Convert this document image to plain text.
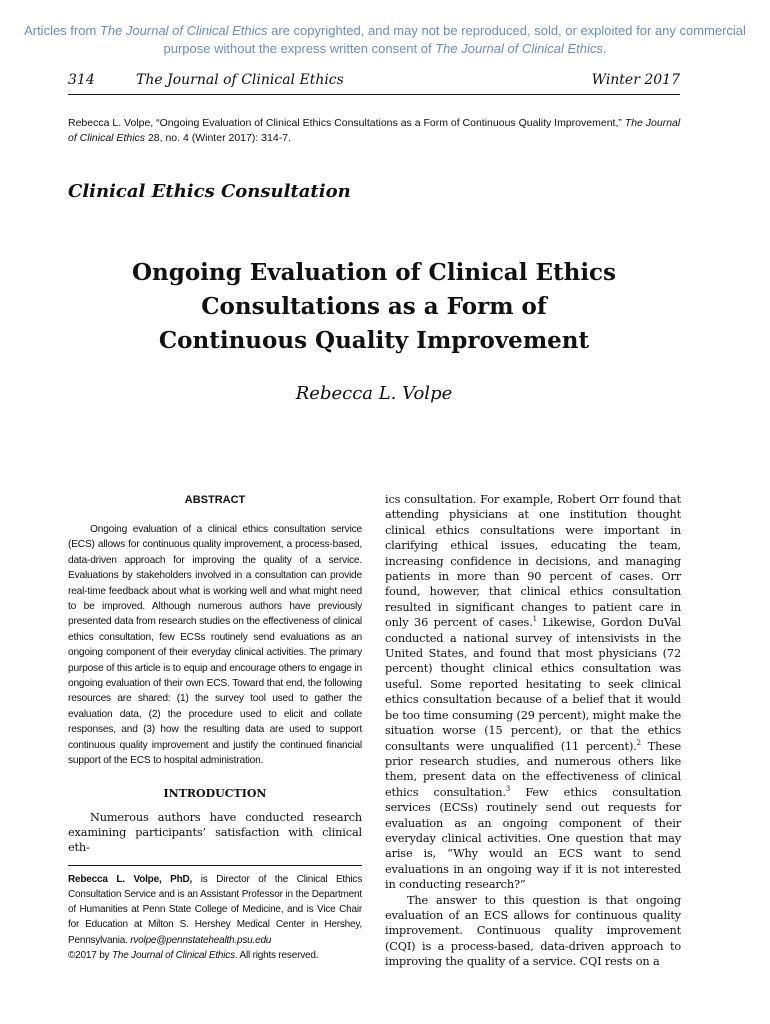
Articles from The Journal of Clinical Ethics are copyrighted, and may not be reproduced, sold, or exploited for any commercial purpose without the express written consent of The Journal of Clinical Ethics.
314	The Journal of Clinical Ethics	Winter 2017
Rebecca L. Volpe, “Ongoing Evaluation of Clinical Ethics Consultations as a Form of Continuous Quality Improvement,” The Journal of Clinical Ethics 28, no. 4 (Winter 2017): 314-7.
Clinical Ethics Consultation
Ongoing Evaluation of Clinical Ethics
Consultations as a Form of
Continuous Quality Improvement
Rebecca L. Volpe
ABSTRACT

Ongoing evaluation of a clinical ethics consultation service (ECS) allows for continuous quality improvement, a process-based, data-driven approach for improving the quality of a service. Evaluations by stakeholders involved in a consultation can provide real-time feedback about what is working well and what might need to be improved. Although numerous authors have previously presented data from research studies on the effectiveness of clinical ethics consultation, few ECSs routinely send evaluations as an ongoing component of their everyday clinical activities. The primary purpose of this article is to equip and encourage others to engage in ongoing evaluation of their own ECS. Toward that end, the following resources are shared: (1) the survey tool used to gather the evaluation data, (2) the procedure used to elicit and collate responses, and (3) how the resulting data are used to support continuous quality improvement and justify the continued financial support of the ECS to hospital administration.

INTRODUCTION

Numerous authors have conducted research examining participants’ satisfaction with clinical eth-

Rebecca L. Volpe, PhD, is Director of the Clinical Ethics Consultation Service and is an Assistant Professor in the Department of Humanities at Penn State College of Medicine, and is Vice Chair for Education at Milton S. Hershey Medical Center in Hershey, Pennsylvania. rvolpe@pennstatehealth.psu.edu
©2017 by The Journal of Clinical Ethics. All rights reserved.

ics consultation. For example, Robert Orr found that attending physicians at one institution thought clinical ethics consultations were important in clarifying ethical issues, educating the team, increasing confidence in decisions, and managing patients in more than 90 percent of cases. Orr found, however, that clinical ethics consultation resulted in significant changes to patient care in only 36 percent of cases.$^1$ Likewise, Gordon DuVal conducted a national survey of intensivists in the United States, and found that most physicians (72 percent) thought clinical ethics consultation was useful. Some reported hesitating to seek clinical ethics consultation because of a belief that it would be too time consuming (29 percent), might make the situation worse (15 percent), or that the ethics consultants were unqualified (11 percent).$^2$ These prior research studies, and numerous others like them, present data on the effectiveness of clinical ethics consultation.$^3$ Few ethics consultation services (ECSs) routinely send out requests for evaluation as an ongoing component of their everyday clinical activities. One question that may arise is, “Why would an ECS want to send evaluations in an ongoing way if it is not interested in conducting research?”

The answer to this question is that ongoing evaluation of an ECS allows for continuous quality improvement. Continuous quality improvement (CQI) is a process-based, data-driven approach to improving the quality of a service. CQI rests on a
